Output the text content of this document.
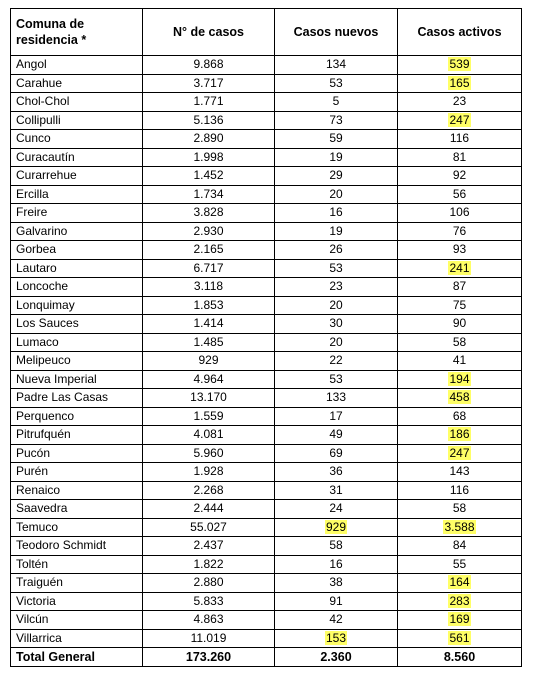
Comuna de residencia *	N° de casos	Casos nuevos	Casos activos
Angol	9.868	134	539
Carahue	3.717	53	165
Chol-Chol	1.771	5	23
Collipulli	5.136	73	247
Cunco	2.890	59	116
Curacautín	1.998	19	81
Curarrehue	1.452	29	92
Ercilla	1.734	20	56
Freire	3.828	16	106
Galvarino	2.930	19	76
Gorbea	2.165	26	93
Lautaro	6.717	53	241
Loncoche	3.118	23	87
Lonquimay	1.853	20	75
Los Sauces	1.414	30	90
Lumaco	1.485	20	58
Melipeuco	929	22	41
Nueva Imperial	4.964	53	194
Padre Las Casas	13.170	133	458
Perquenco	1.559	17	68
Pitrufquén	4.081	49	186
Pucón	5.960	69	247
Purén	1.928	36	143
Renaico	2.268	31	116
Saavedra	2.444	24	58
Temuco	55.027	929	3.588
Teodoro Schmidt	2.437	58	84
Toltén	1.822	16	55
Traiguén	2.880	38	164
Victoria	5.833	91	283
Vilcún	4.863	42	169
Villarrica	11.019	153	561
Total General	173.260	2.360	8.560
